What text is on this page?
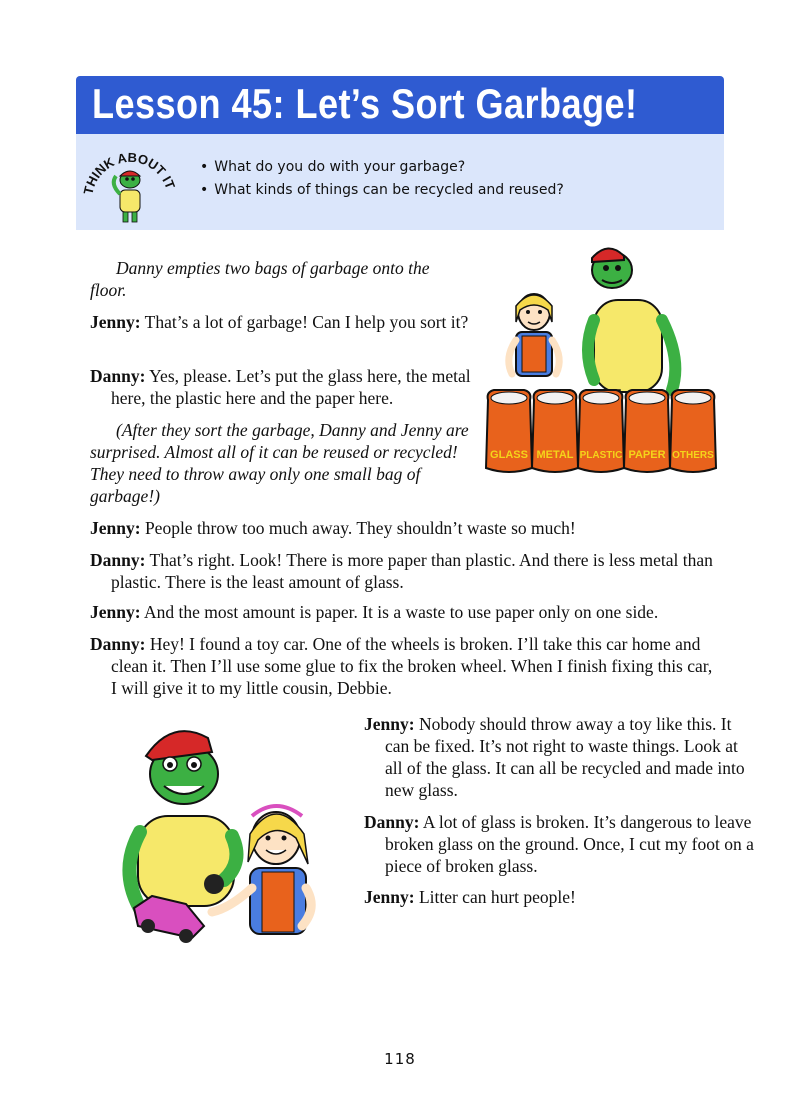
Lesson 45: Let’s Sort Garbage!
THINK ABOUT IT
• What do you do with your garbage?
• What kinds of things can be recycled and reused?

Danny empties two bags of garbage onto the floor.

Jenny: That’s a lot of garbage! Can I help you sort it?

Danny: Yes, please. Let’s put the glass here, the metal here, the plastic here and the paper here.

(After they sort the garbage, Danny and Jenny are surprised. Almost all of it can be reused or recycled! They need to throw away only one small bag of garbage!)

Jenny: People throw too much away. They shouldn’t waste so much!

Danny: That’s right. Look! There is more paper than plastic. And there is less metal than plastic. There is the least amount of glass.

Jenny: And the most amount is paper. It is a waste to use paper only on one side.

Danny: Hey! I found a toy car. One of the wheels is broken. I’ll take this car home and clean it. Then I’ll use some glue to fix the broken wheel. When I finish fixing this car, I will give it to my little cousin, Debbie.

Jenny: Nobody should throw away a toy like this. It can be fixed. It’s not right to waste things. Look at all of the glass. It can all be recycled and made into new glass.

Danny: A lot of glass is broken. It’s dangerous to leave broken glass on the ground. Once, I cut my foot on a piece of broken glass.

Jenny: Litter can hurt people!

GLASS METAL PLASTIC PAPER OTHERS
118
